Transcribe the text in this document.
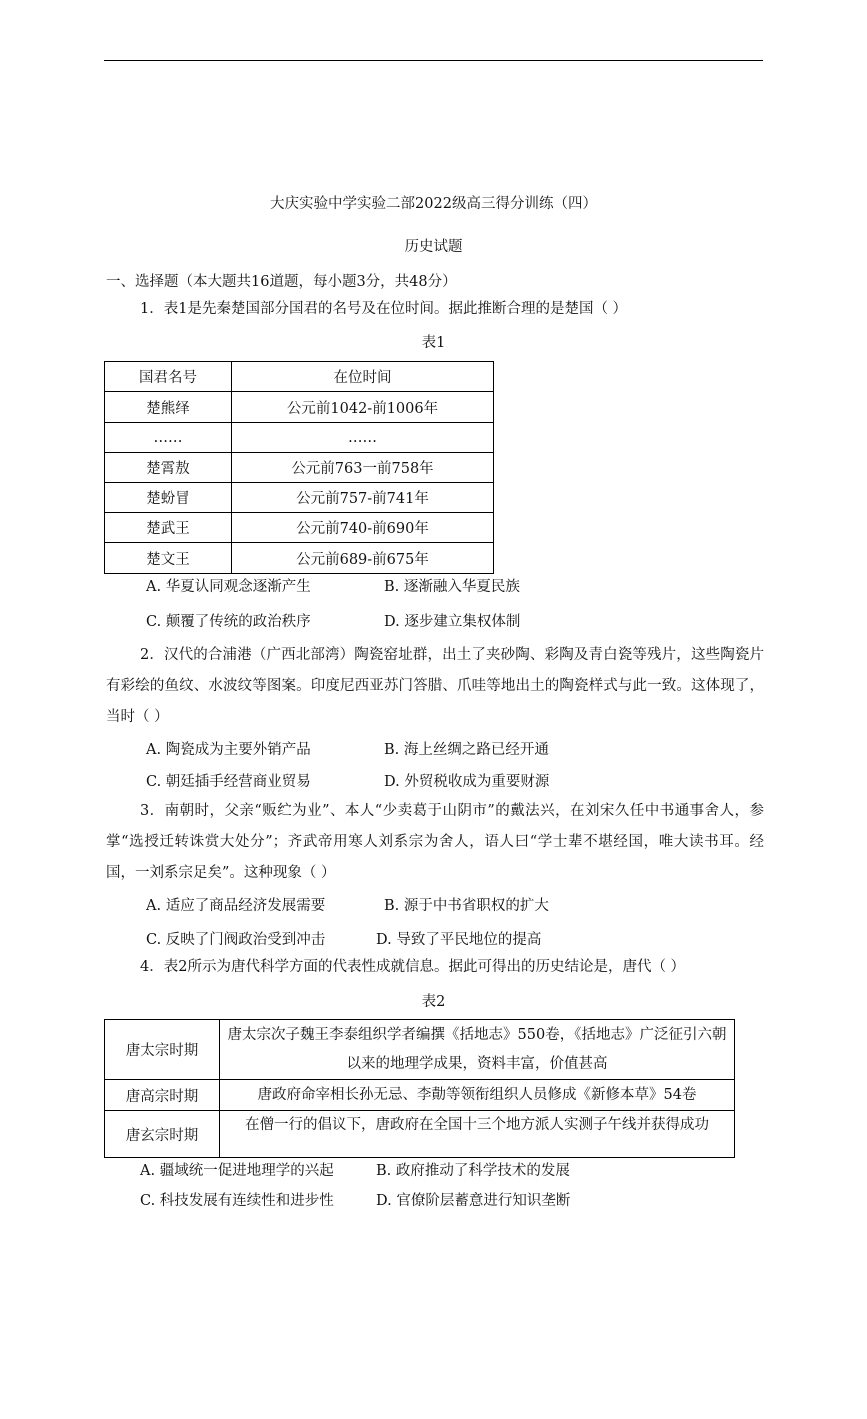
大庆实验中学实验二部2022级高三得分训练（四）
历史试题
一、选择题（本大题共16道题，每小题3分，共48分）
1．表1是先秦楚国部分国君的名号及在位时间。据此推断合理的是楚国（ ）
表1
国君名号	在位时间
楚熊绎	公元前1042-前1006年
……	……
楚霄敖	公元前763一前758年
楚蚡冒	公元前757-前741年
楚武王	公元前740-前690年
楚文王	公元前689-前675年
A. 华夏认同观念逐渐产生	B. 逐渐融入华夏民族
C. 颠覆了传统的政治秩序	D. 逐步建立集权体制
2．汉代的合浦港（广西北部湾）陶瓷窑址群，出土了夹砂陶、彩陶及青白瓷等残片，这些陶瓷片有彩绘的鱼纹、水波纹等图案。印度尼西亚苏门答腊、爪哇等地出土的陶瓷样式与此一致。这体现了，当时（ ）
A. 陶瓷成为主要外销产品	B. 海上丝绸之路已经开通
C. 朝廷插手经营商业贸易	D. 外贸税收成为重要财源
3．南朝时，父亲“贩纻为业”、本人“少卖葛于山阴市”的戴法兴，在刘宋久任中书通事舍人，参掌“选授迁转诛赏大处分”；齐武帝用寒人刘系宗为舍人，语人曰“学士辈不堪经国，唯大读书耳。经国，一刘系宗足矣”。这种现象（ ）
A. 适应了商品经济发展需要	B. 源于中书省职权的扩大
C. 反映了门阀政治受到冲击	D. 导致了平民地位的提高
4．表2所示为唐代科学方面的代表性成就信息。据此可得出的历史结论是，唐代（ ）
表2
唐太宗时期	唐太宗次子魏王李泰组织学者编撰《括地志》550卷，《括地志》广泛征引六朝以来的地理学成果，资料丰富，价值甚高
唐高宗时期	唐政府命宰相长孙无忌、李勣等领衔组织人员修成《新修本草》54卷
唐玄宗时期	在僧一行的倡议下，唐政府在全国十三个地方派人实测子午线并获得成功
A. 疆域统一促进地理学的兴起	B. 政府推动了科学技术的发展
C. 科技发展有连续性和进步性	D. 官僚阶层蓄意进行知识垄断
